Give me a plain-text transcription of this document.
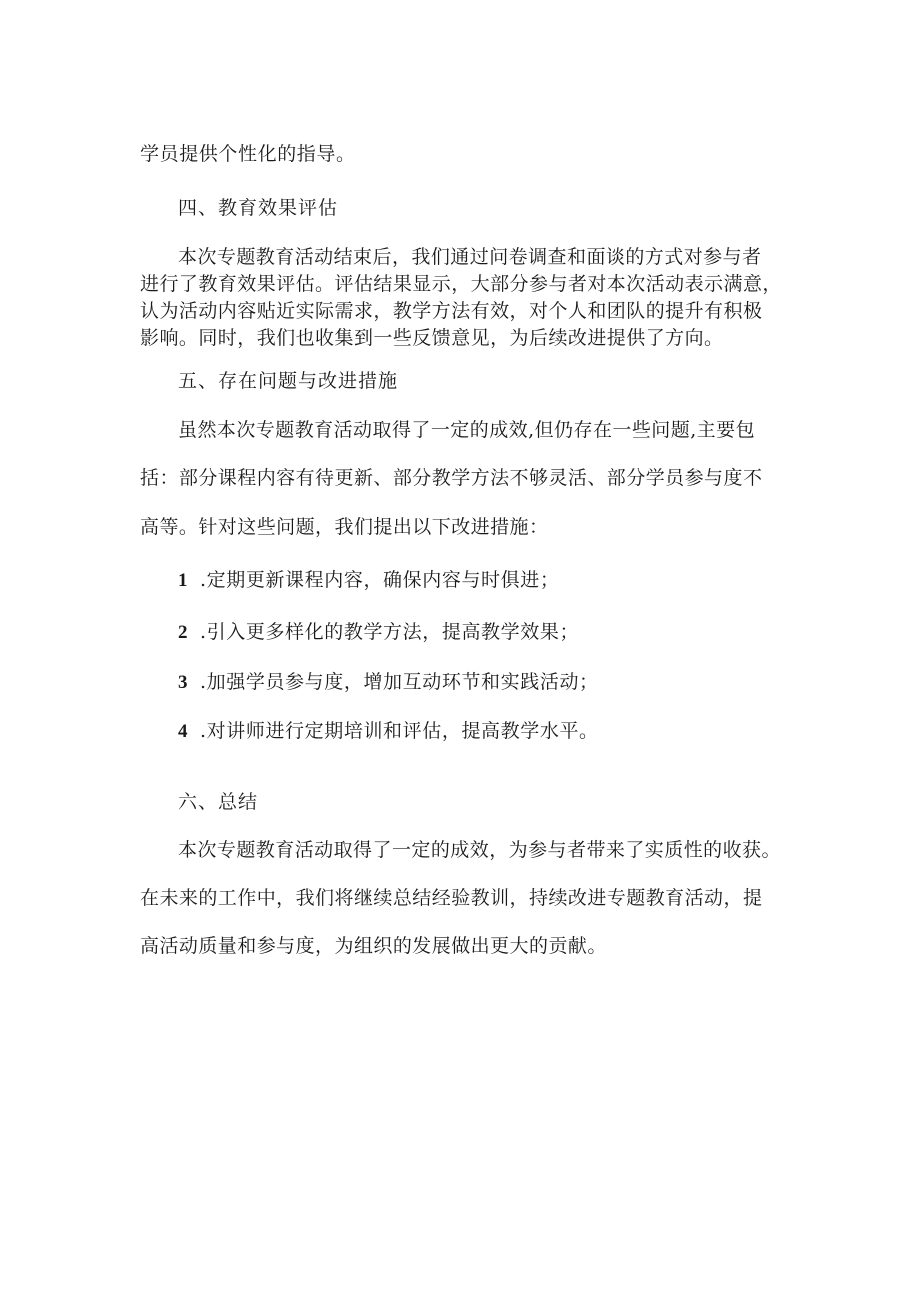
学员提供个性化的指导。
四、教育效果评估
本次专题教育活动结束后，我们通过问卷调查和面谈的方式对参与者
进行了教育效果评估。评估结果显示，大部分参与者对本次活动表示满意，
认为活动内容贴近实际需求，教学方法有效，对个人和团队的提升有积极
影响。同时，我们也收集到一些反馈意见，为后续改进提供了方向。
五、存在问题与改进措施
虽然本次专题教育活动取得了一定的成效,但仍存在一些问题,主要包
括：部分课程内容有待更新、部分教学方法不够灵活、部分学员参与度不
高等。针对这些问题，我们提出以下改进措施：
1 .定期更新课程内容，确保内容与时俱进；
2 .引入更多样化的教学方法，提高教学效果；
3 .加强学员参与度，增加互动环节和实践活动；
4 .对讲师进行定期培训和评估，提高教学水平。
六、总结
本次专题教育活动取得了一定的成效，为参与者带来了实质性的收获。
在未来的工作中，我们将继续总结经验教训，持续改进专题教育活动，提
高活动质量和参与度，为组织的发展做出更大的贡献。
